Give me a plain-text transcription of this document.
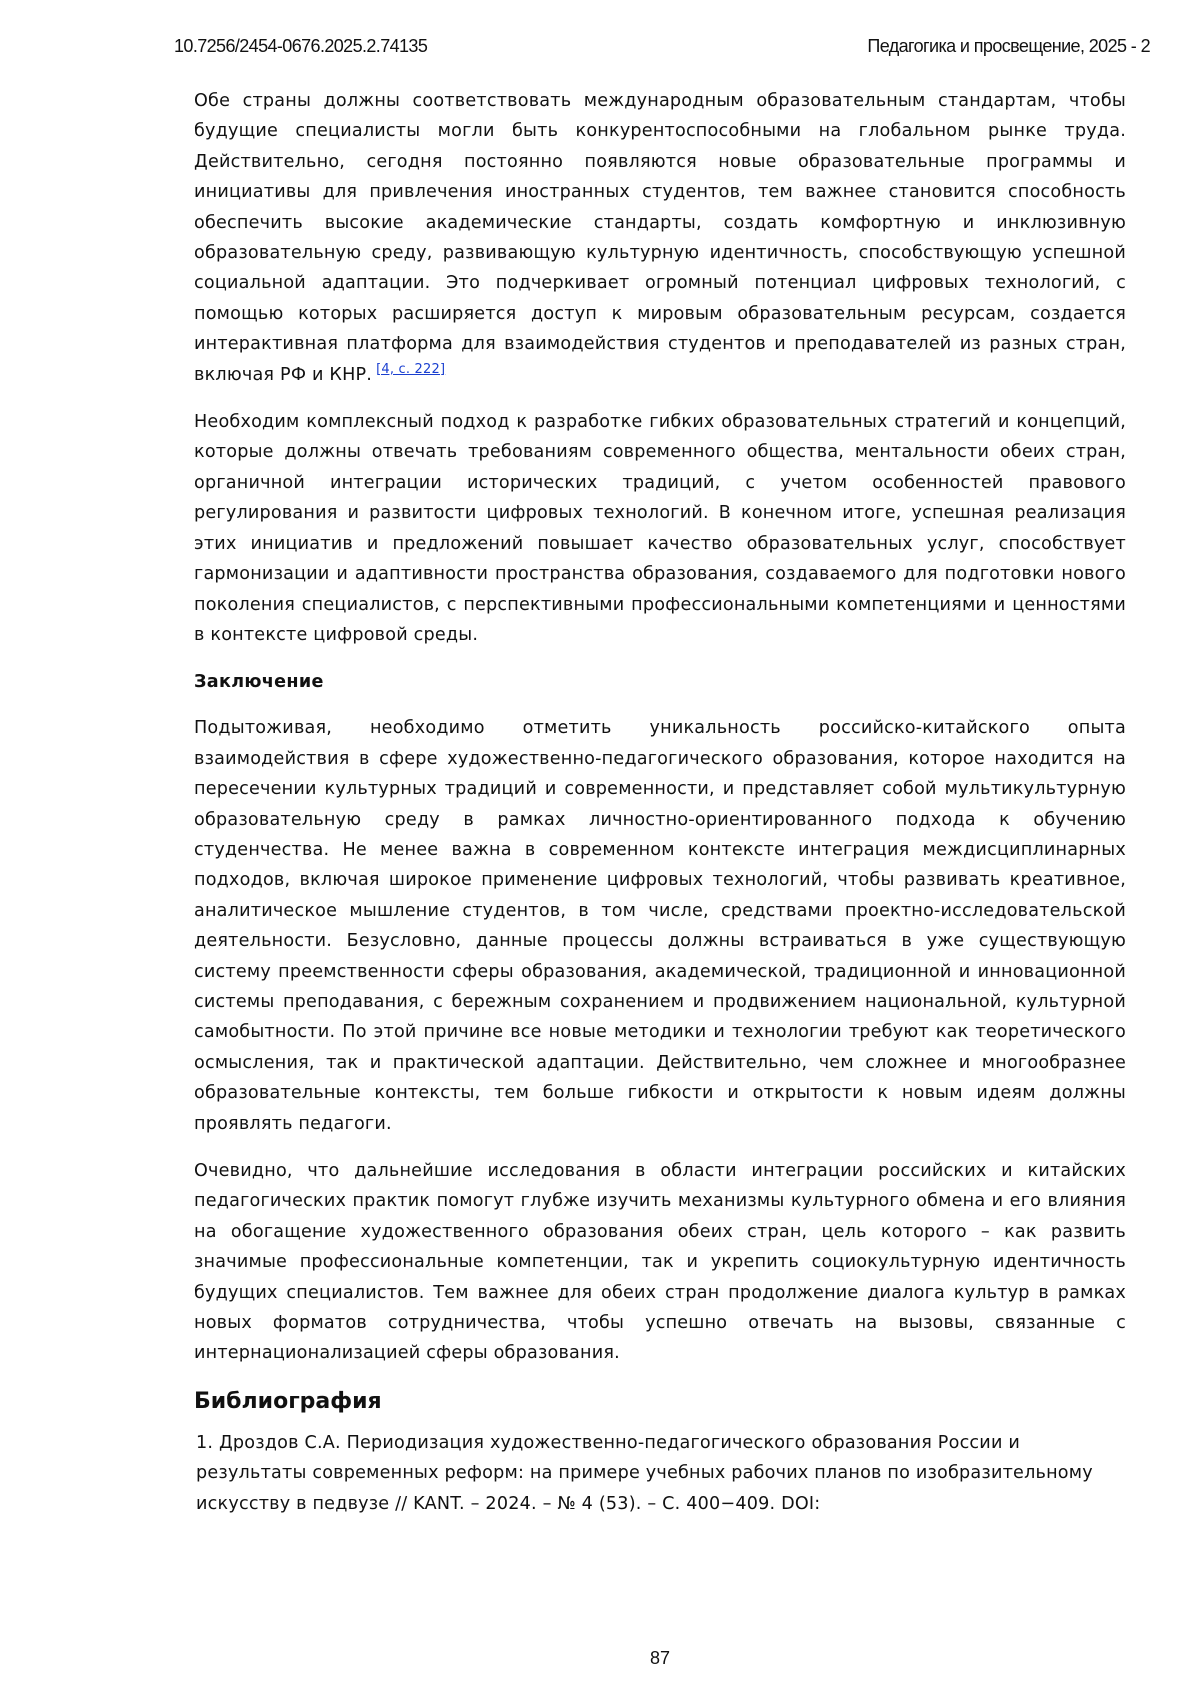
10.7256/2454-0676.2025.2.74135	Педагогика и просвещение, 2025 - 2

Обе страны должны соответствовать международным образовательным стандартам, чтобы будущие специалисты могли быть конкурентоспособными на глобальном рынке труда. Действительно, сегодня постоянно появляются новые образовательные программы и инициативы для привлечения иностранных студентов, тем важнее становится способность обеспечить высокие академические стандарты, создать комфортную и инклюзивную образовательную среду, развивающую культурную идентичность, способствующую успешной социальной адаптации. Это подчеркивает огромный потенциал цифровых технологий, с помощью которых расширяется доступ к мировым образовательным ресурсам, создается интерактивная платформа для взаимодействия студентов и преподавателей из разных стран, включая РФ и КНР. [4, с. 222]

Необходим комплексный подход к разработке гибких образовательных стратегий и концепций, которые должны отвечать требованиям современного общества, ментальности обеих стран, органичной интеграции исторических традиций, с учетом особенностей правового регулирования и развитости цифровых технологий. В конечном итоге, успешная реализация этих инициатив и предложений повышает качество образовательных услуг, способствует гармонизации и адаптивности пространства образования, создаваемого для подготовки нового поколения специалистов, с перспективными профессиональными компетенциями и ценностями в контексте цифровой среды.

Заключение

Подытоживая, необходимо отметить уникальность российско-китайского опыта взаимодействия в сфере художественно-педагогического образования, которое находится на пересечении культурных традиций и современности, и представляет собой мультикультурную образовательную среду в рамках личностно-ориентированного подхода к обучению студенчества. Не менее важна в современном контексте интеграция междисциплинарных подходов, включая широкое применение цифровых технологий, чтобы развивать креативное, аналитическое мышление студентов, в том числе, средствами проектно-исследовательской деятельности. Безусловно, данные процессы должны встраиваться в уже существующую систему преемственности сферы образования, академической, традиционной и инновационной системы преподавания, с бережным сохранением и продвижением национальной, культурной самобытности. По этой причине все новые методики и технологии требуют как теоретического осмысления, так и практической адаптации. Действительно, чем сложнее и многообразнее образовательные контексты, тем больше гибкости и открытости к новым идеям должны проявлять педагоги.

Очевидно, что дальнейшие исследования в области интеграции российских и китайских педагогических практик помогут глубже изучить механизмы культурного обмена и его влияния на обогащение художественного образования обеих стран, цель которого – как развить значимые профессиональные компетенции, так и укрепить социокультурную идентичность будущих специалистов. Тем важнее для обеих стран продолжение диалога культур в рамках новых форматов сотрудничества, чтобы успешно отвечать на вызовы, связанные с интернационализацией сферы образования.

Библиография
1. Дроздов С.А. Периодизация художественно-педагогического образования России и результаты современных реформ: на примере учебных рабочих планов по изобразительному искусству в педвузе // KANT. – 2024. – № 4 (53). – С. 400−409. DOI:
87
